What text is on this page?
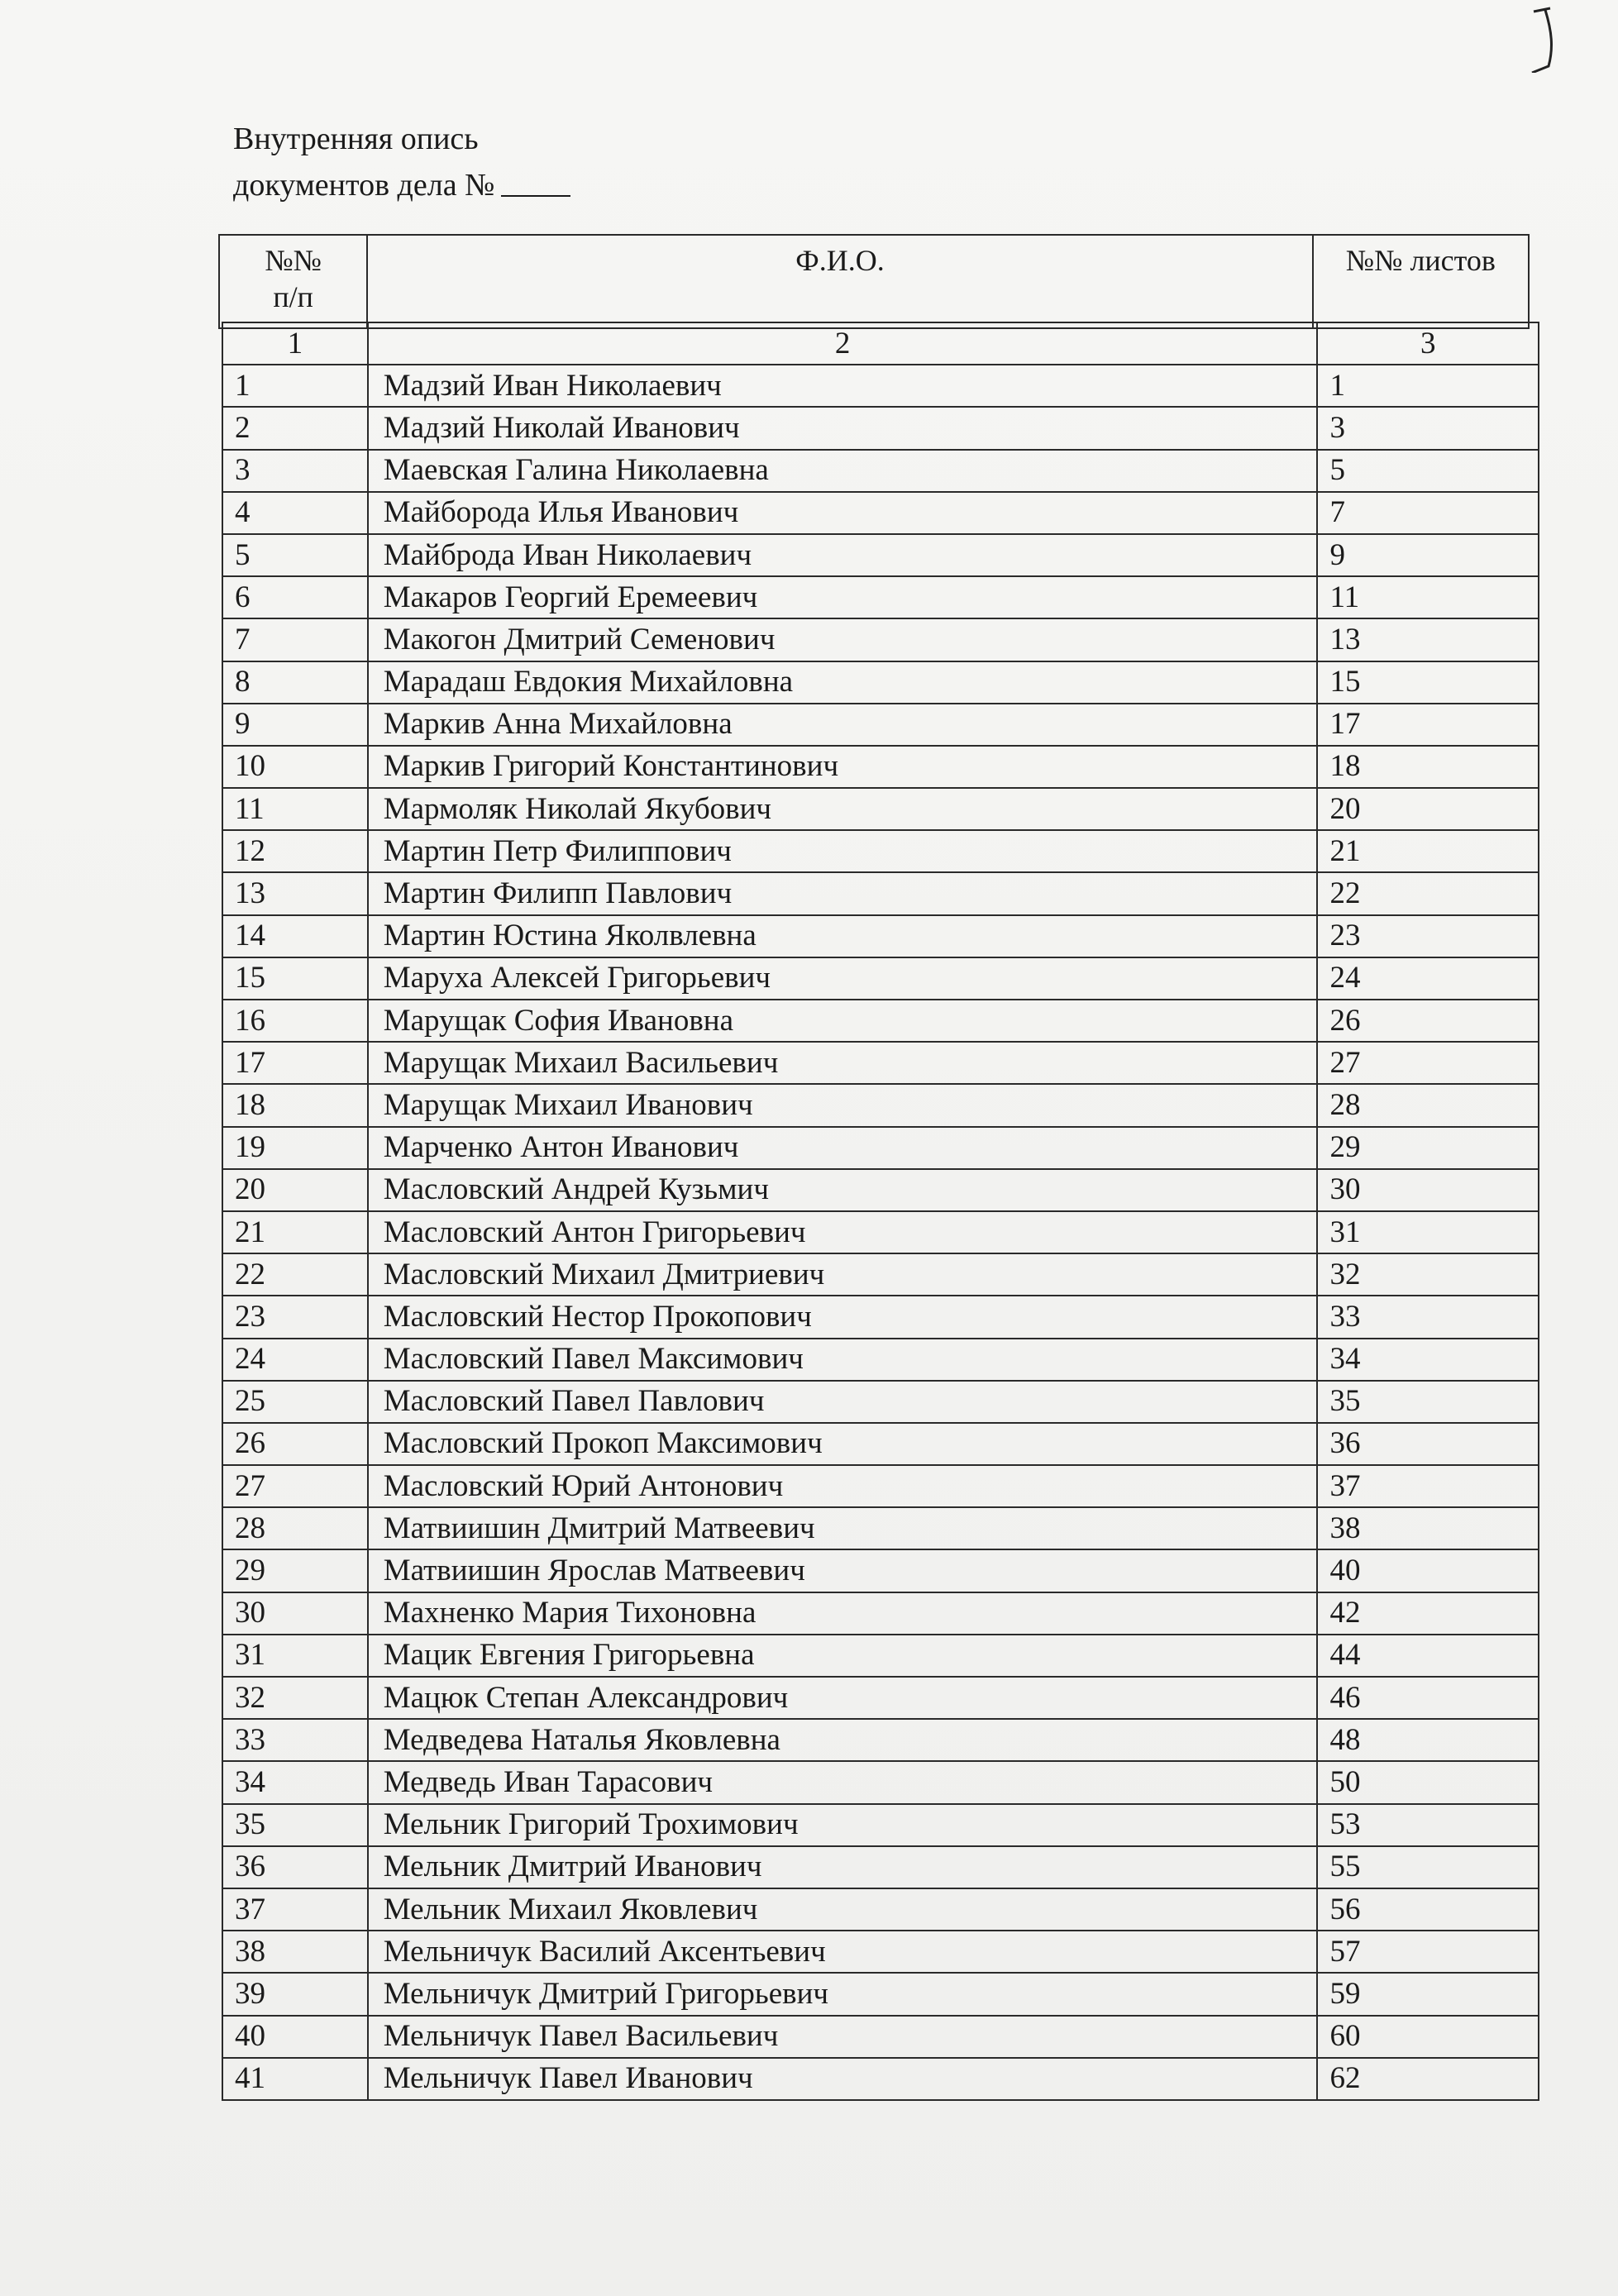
Внутренняя опись
документов дела №
№№
п/п
	Ф.И.О.	№№ листов
1	2	3
1	Мадзий Иван Николаевич	1
2	Мадзий Николай Иванович	3
3	Маевская Галина Николаевна	5
4	Майборода Илья Иванович	7
5	Майброда Иван Николаевич	9
6	Макаров Георгий Еремеевич	11
7	Макогон Дмитрий Семенович	13
8	Марадаш Евдокия Михайловна	15
9	Маркив Анна Михайловна	17
10	Маркив Григорий Константинович	18
11	Мармоляк Николай Якубович	20
12	Мартин Петр Филиппович	21
13	Мартин Филипп Павлович	22
14	Мартин Юстина Яколвлевна	23
15	Маруха Алексей Григорьевич	24
16	Марущак София Ивановна	26
17	Марущак Михаил Васильевич	27
18	Марущак Михаил Иванович	28
19	Марченко Антон Иванович	29
20	Масловский Андрей Кузьмич	30
21	Масловский Антон Григорьевич	31
22	Масловский Михаил Дмитриевич	32
23	Масловский Нестор Прокопович	33
24	Масловский Павел Максимович	34
25	Масловский Павел Павлович	35
26	Масловский Прокоп Максимович	36
27	Масловский Юрий Антонович	37
28	Матвиишин Дмитрий Матвеевич	38
29	Матвиишин Ярослав Матвеевич	40
30	Махненко Мария Тихоновна	42
31	Мацик Евгения Григорьевна	44
32	Мацюк Степан Александрович	46
33	Медведева Наталья Яковлевна	48
34	Медведь Иван Тарасович	50
35	Мельник Григорий Трохимович	53
36	Мельник Дмитрий Иванович	55
37	Мельник Михаил Яковлевич	56
38	Мельничук Василий Аксентьевич	57
39	Мельничук Дмитрий Григорьевич	59
40	Мельничук Павел Васильевич	60
41	Мельничук Павел Иванович	62
